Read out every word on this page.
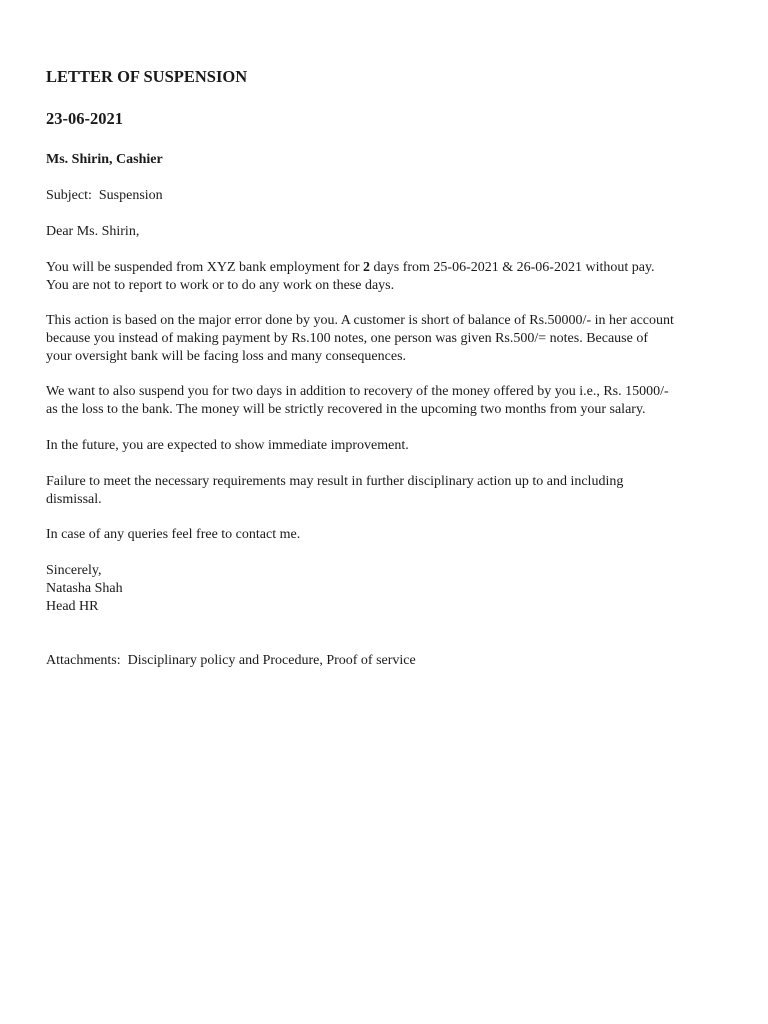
LETTER OF SUSPENSION
23-06-2021
Ms. Shirin, Cashier
Subject: Suspension
Dear Ms. Shirin,
You will be suspended from XYZ bank employment for 2 days from 25-06-2021 & 26-06-2021 without pay.
You are not to report to work or to do any work on these days.
This action is based on the major error done by you. A customer is short of balance of Rs.50000/- in her account
because you instead of making payment by Rs.100 notes, one person was given Rs.500/= notes. Because of
your oversight bank will be facing loss and many consequences.
We want to also suspend you for two days in addition to recovery of the money offered by you i.e., Rs. 15000/-
as the loss to the bank. The money will be strictly recovered in the upcoming two months from your salary.
In the future, you are expected to show immediate improvement.
Failure to meet the necessary requirements may result in further disciplinary action up to and including
dismissal.
In case of any queries feel free to contact me.
Sincerely,
Natasha Shah
Head HR
Attachments: Disciplinary policy and Procedure, Proof of service
